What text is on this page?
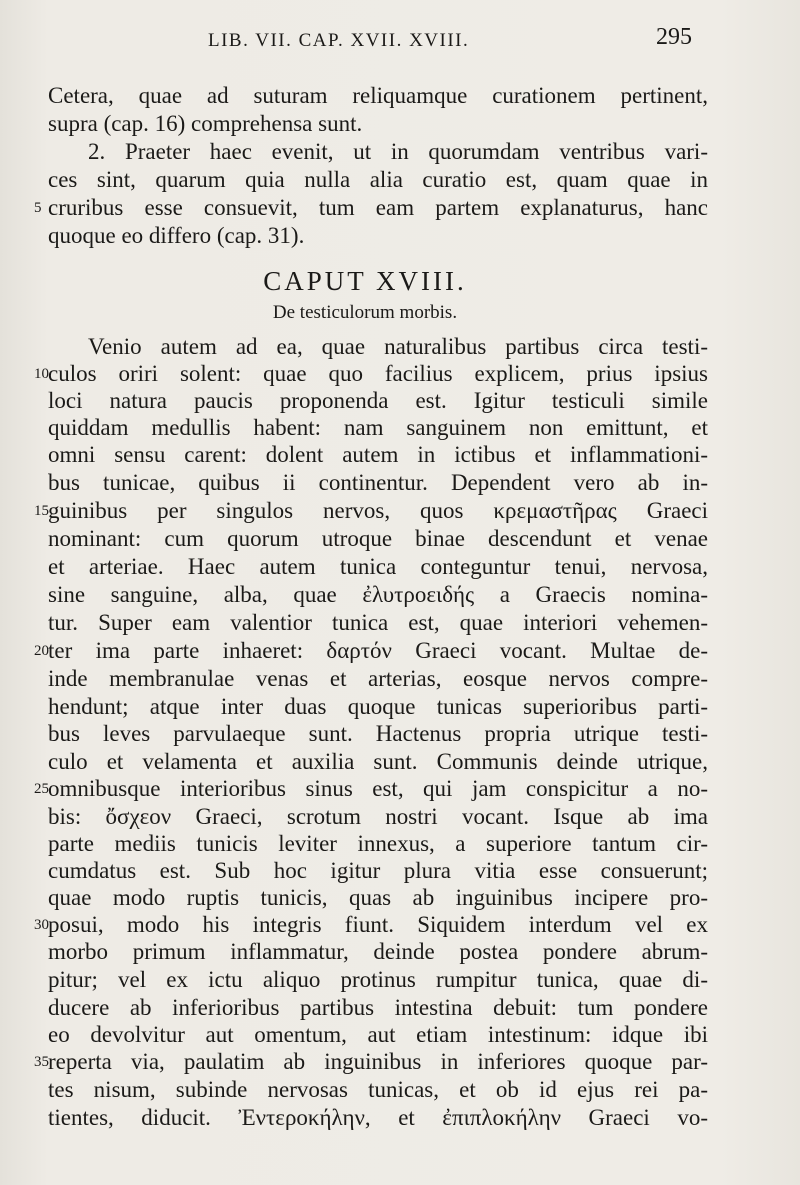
LIB. VII. CAP. XVII. XVIII.	295

Cetera, quae ad suturam reliquamque curationem pertinent,

supra (cap. 16) comprehensa sunt.

2. Praeter haec evenit, ut in quorumdam ventribus vari-

ces sint, quarum quia nulla alia curatio est, quam quae in

5 cruribus esse consuevit, tum eam partem explanaturus, hanc

quoque eo differo (cap. 31).

CAPUT XVIII.
De testiculorum morbis.

Venio autem ad ea, quae naturalibus partibus circa testi-

10 culos oriri solent: quae quo facilius explicem, prius ipsius

loci natura paucis proponenda est. Igitur testiculi simile

quiddam medullis habent: nam sanguinem non emittunt, et

omni sensu carent: dolent autem in ictibus et inflammationi-

bus tunicae, quibus ii continentur. Dependent vero ab in-

15 guinibus per singulos nervos, quos κρεμαστῆρας Graeci

nominant: cum quorum utroque binae descendunt et venae

et arteriae. Haec autem tunica conteguntur tenui, nervosa,

sine sanguine, alba, quae ἐλυτροειδής a Graecis nomina-

tur. Super eam valentior tunica est, quae interiori vehemen-

20 ter ima parte inhaeret: δαρτόν Graeci vocant. Multae de-

inde membranulae venas et arterias, eosque nervos compre-

hendunt; atque inter duas quoque tunicas superioribus parti-

bus leves parvulaeque sunt. Hactenus propria utrique testi-

culo et velamenta et auxilia sunt. Communis deinde utrique,

25 omnibusque interioribus sinus est, qui jam conspicitur a no-

bis: ὄσχεον Graeci, scrotum nostri vocant. Isque ab ima

parte mediis tunicis leviter innexus, a superiore tantum cir-

cumdatus est. Sub hoc igitur plura vitia esse consuerunt;

quae modo ruptis tunicis, quas ab inguinibus incipere pro-

30 posui, modo his integris fiunt. Siquidem interdum vel ex

morbo primum inflammatur, deinde postea pondere abrum-

pitur; vel ex ictu aliquo protinus rumpitur tunica, quae di-

ducere ab inferioribus partibus intestina debuit: tum pondere

eo devolvitur aut omentum, aut etiam intestinum: idque ibi

35 reperta via, paulatim ab inguinibus in inferiores quoque par-

tes nisum, subinde nervosas tunicas, et ob id ejus rei pa-

tientes, diducit. Ἐντεροκήλην, et ἐπιπλοκήλην Graeci vo-
